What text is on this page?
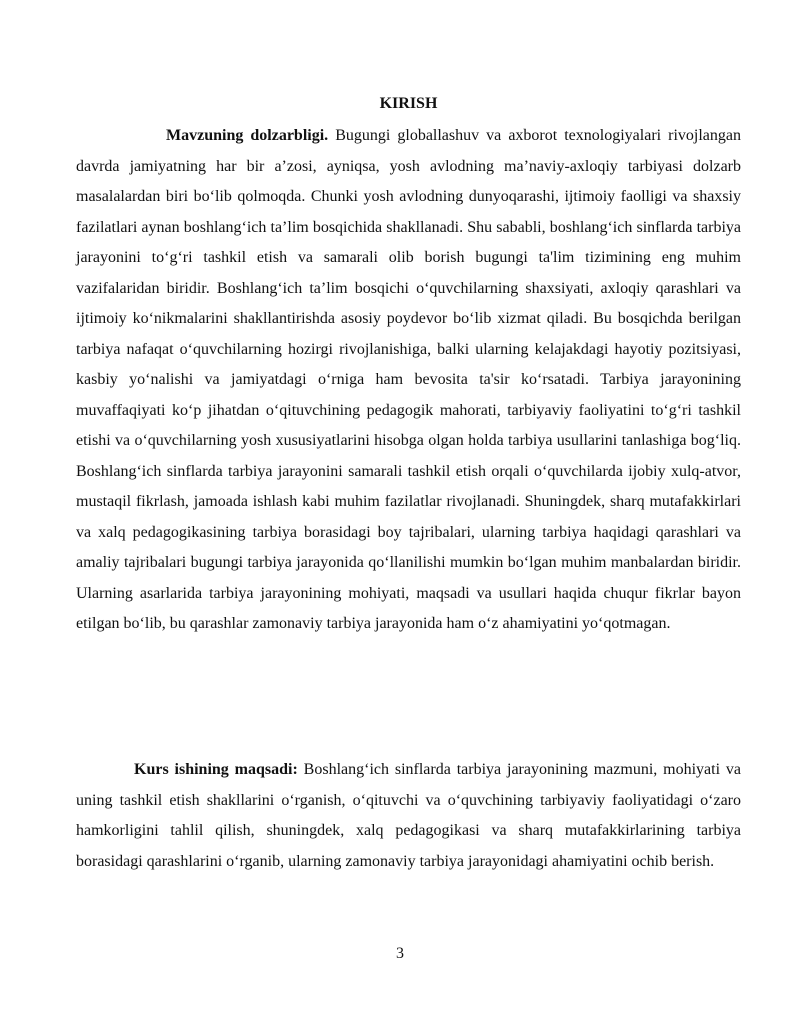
KIRISH

Mavzuning dolzarbligi. Bugungi globallashuv va axborot texnologiyalari rivojlangan davrda jamiyatning har bir a’zosi, ayniqsa, yosh avlodning ma’naviy-axloqiy tarbiyasi dolzarb masalalardan biri bo‘lib qolmoqda. Chunki yosh avlodning dunyoqarashi, ijtimoiy faolligi va shaxsiy fazilatlari aynan boshlang‘ich ta’lim bosqichida shakllanadi. Shu sababli, boshlang‘ich sinflarda tarbiya jarayonini to‘g‘ri tashkil etish va samarali olib borish bugungi ta'lim tizimining eng muhim vazifalaridan biridir. Boshlang‘ich ta’lim bosqichi o‘quvchilarning shaxsiyati, axloqiy qarashlari va ijtimoiy ko‘nikmalarini shakllantirishda asosiy poydevor bo‘lib xizmat qiladi. Bu bosqichda berilgan tarbiya nafaqat o‘quvchilarning hozirgi rivojlanishiga, balki ularning kelajakdagi hayotiy pozitsiyasi, kasbiy yo‘nalishi va jamiyatdagi o‘rniga ham bevosita ta'sir ko‘rsatadi. Tarbiya jarayonining muvaffaqiyati ko‘p jihatdan o‘qituvchining pedagogik mahorati, tarbiyaviy faoliyatini to‘g‘ri tashkil etishi va o‘quvchilarning yosh xususiyatlarini hisobga olgan holda tarbiya usullarini tanlashiga bog‘liq. Boshlang‘ich sinflarda tarbiya jarayonini samarali tashkil etish orqali o‘quvchilarda ijobiy xulq-atvor, mustaqil fikrlash, jamoada ishlash kabi muhim fazilatlar rivojlanadi. Shuningdek, sharq mutafakkirlari va xalq pedagogikasining tarbiya borasidagi boy tajribalari, ularning tarbiya haqidagi qarashlari va amaliy tajribalari bugungi tarbiya jarayonida qo‘llanilishi mumkin bo‘lgan muhim manbalardan biridir. Ularning asarlarida tarbiya jarayonining mohiyati, maqsadi va usullari haqida chuqur fikrlar bayon etilgan bo‘lib, bu qarashlar zamonaviy tarbiya jarayonida ham o‘z ahamiyatini yo‘qotmagan.

Kurs ishining maqsadi: Boshlang‘ich sinflarda tarbiya jarayonining mazmuni, mohiyati va uning tashkil etish shakllarini o‘rganish, o‘qituvchi va o‘quvchining tarbiyaviy faoliyatidagi o‘zaro hamkorligini tahlil qilish, shuningdek, xalq pedagogikasi va sharq mutafakkirlarining tarbiya borasidagi qarashlarini o‘rganib, ularning zamonaviy tarbiya jarayonidagi ahamiyatini ochib berish.

3
